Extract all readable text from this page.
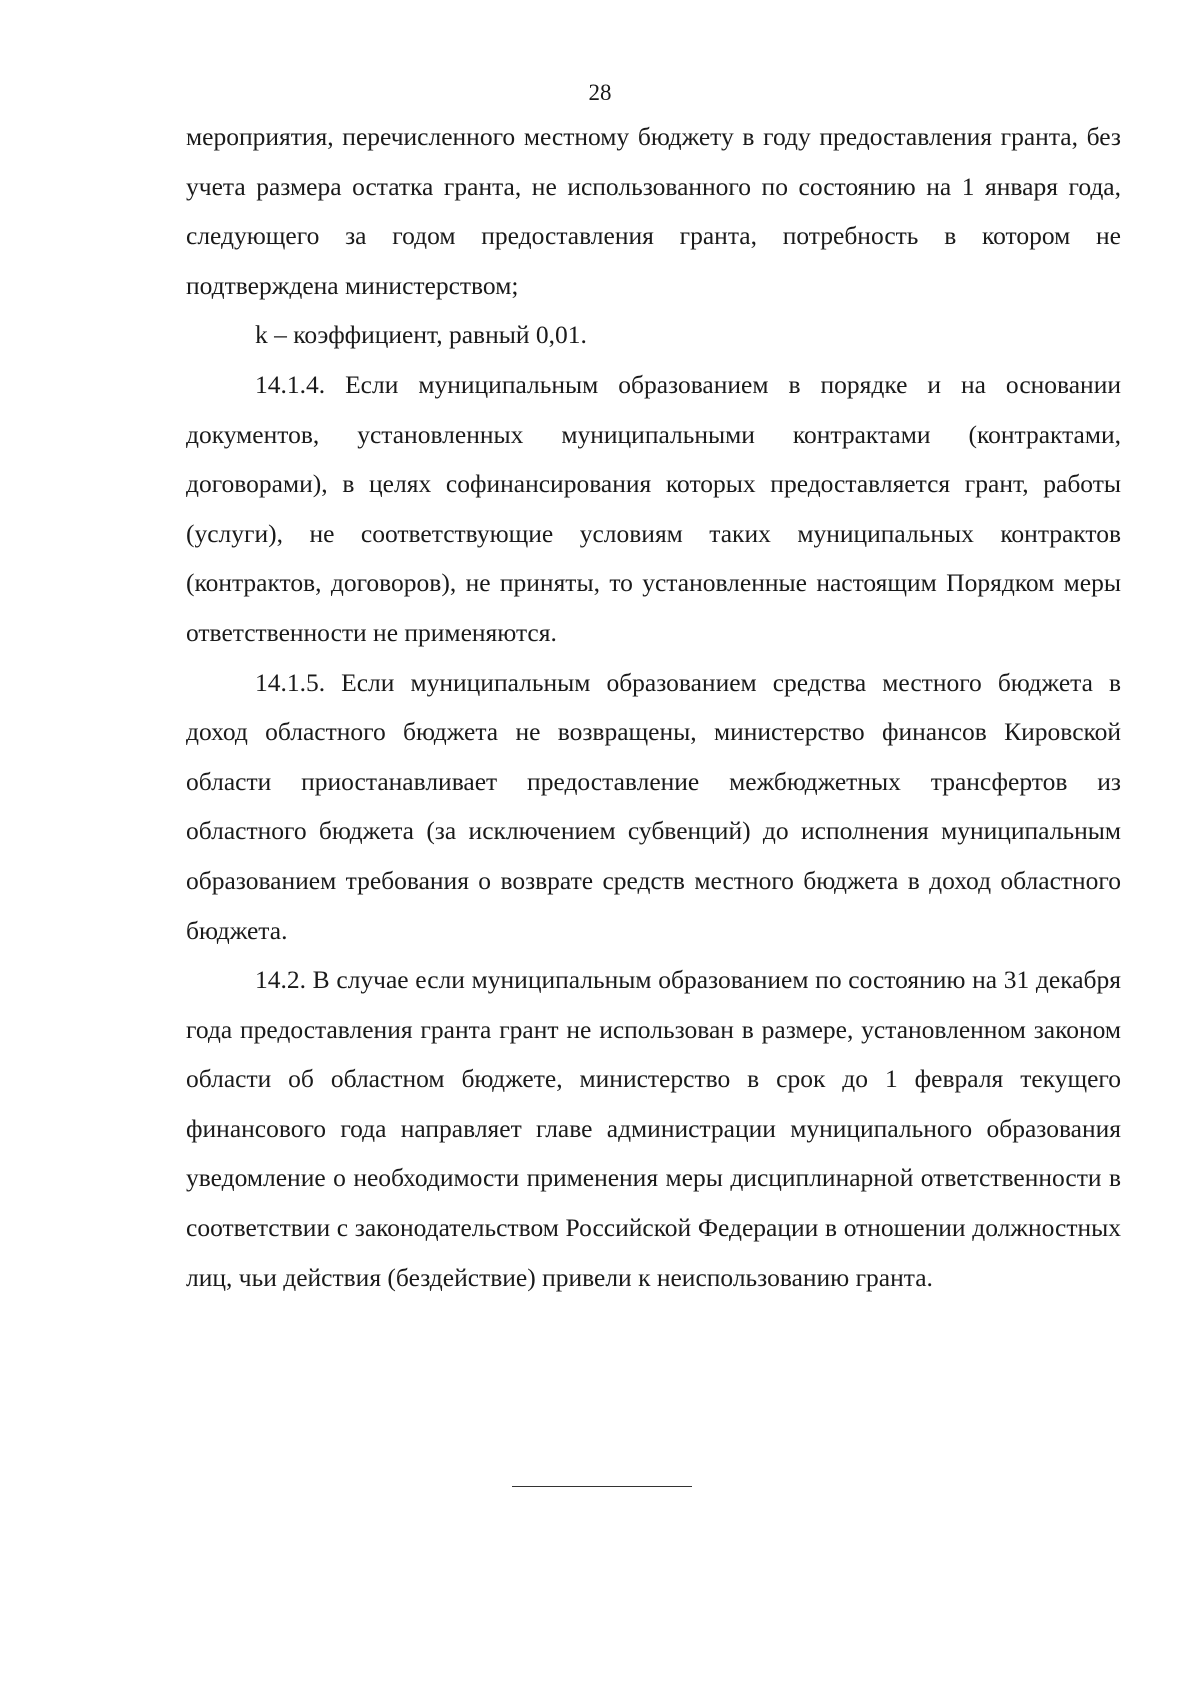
28

мероприятия, перечисленного местному бюджету в году предоставления гранта, без учета размера остатка гранта, не использованного по состоянию на 1 января года, следующего за годом предоставления гранта, потребность в котором не подтверждена министерством;

k – коэффициент, равный 0,01.

14.1.4. Если муниципальным образованием в порядке и на основании документов, установленных муниципальными контрактами (контрактами, договорами), в целях софинансирования которых предоставляется грант, работы (услуги), не соответствующие условиям таких муниципальных контрактов (контрактов, договоров), не приняты, то установленные настоящим Порядком меры ответственности не применяются.

14.1.5. Если муниципальным образованием средства местного бюджета в доход областного бюджета не возвращены, министерство финансов Кировской области приостанавливает предоставление межбюджетных трансфертов из областного бюджета (за исключением субвенций) до исполнения муниципальным образованием требования о возврате средств местного бюджета в доход областного бюджета.

14.2. В случае если муниципальным образованием по состоянию на 31 декабря года предоставления гранта грант не использован в размере, установленном законом области об областном бюджете, министерство в срок до 1 февраля текущего финансового года направляет главе администрации муниципального образования уведомление о необходимости применения меры дисциплинарной ответственности в соответствии с законодательством Российской Федерации в отношении должностных лиц, чьи действия (бездействие) привели к неиспользованию гранта.
